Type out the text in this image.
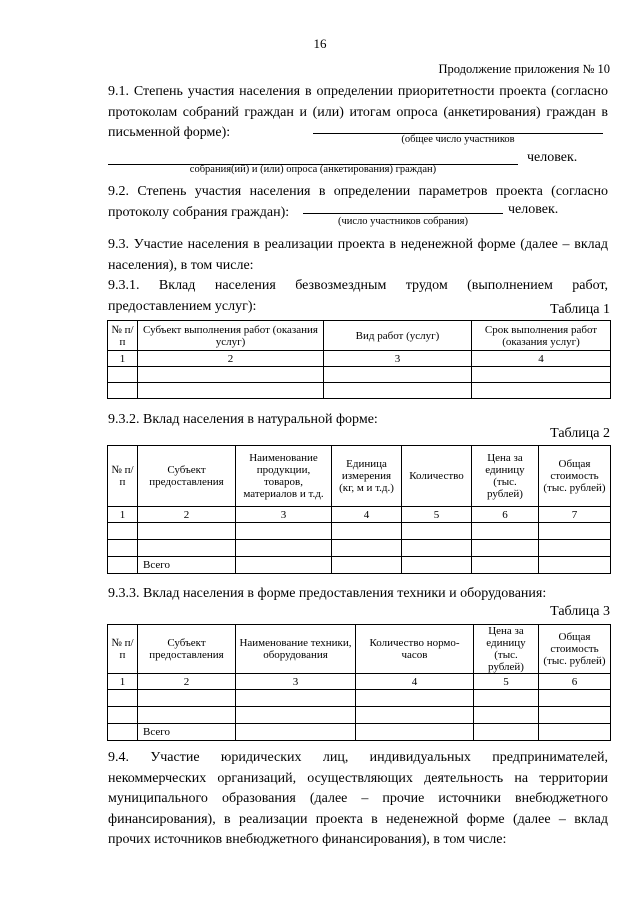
16
Продолжение приложения № 10

9.1. Степень участия населения в определении приоритетности проекта (согласно протоколам собраний граждан и (или) итогам опроса (анкетирования) граждан в письменной форме):	(общее число участников
человек.
собрания(ий) и (или) опроса (анкетирования) граждан)

9.2. Степень участия населения в определении параметров проекта (согласно протоколу собрания граждан):	человек.
(число участников собрания)

9.3. Участие населения в реализации проекта в неденежной форме (далее – вклад населения), в том числе:

9.3.1. Вклад населения безвозмездным трудом (выполнением работ, предоставлением услуг):	Таблица 1
№ п/п	Субъект выполнения работ (оказания услуг)	Вид работ (услуг)	Срок выполнения работ (оказания услуг)
1	2	3	4

9.3.2. Вклад населения в натуральной форме:

Таблица 2
№ п/п	Субъект предоставления	Наименование продукции, товаров, материалов и т.д.	Единица измерения (кг, м и т.д.)	Количество	Цена за единицу (тыс. рублей)	Общая стоимость (тыс. рублей)
1	2	3	4	5	6	7

	Всего					

9.3.3. Вклад населения в форме предоставления техники и оборудования:

Таблица 3
№ п/п	Субъект предоставления	Наименование техники, оборудования	Количество нормо-часов	Цена за единицу (тыс. рублей)	Общая стоимость (тыс. рублей)
1	2	3	4	5	6

	Всего				

9.4. Участие юридических лиц, индивидуальных предпринимателей, некоммерческих организаций, осуществляющих деятельность на территории муниципального образования (далее – прочие источники внебюджетного финансирования), в реализации проекта в неденежной форме (далее – вклад прочих источников внебюджетного финансирования), в том числе:
